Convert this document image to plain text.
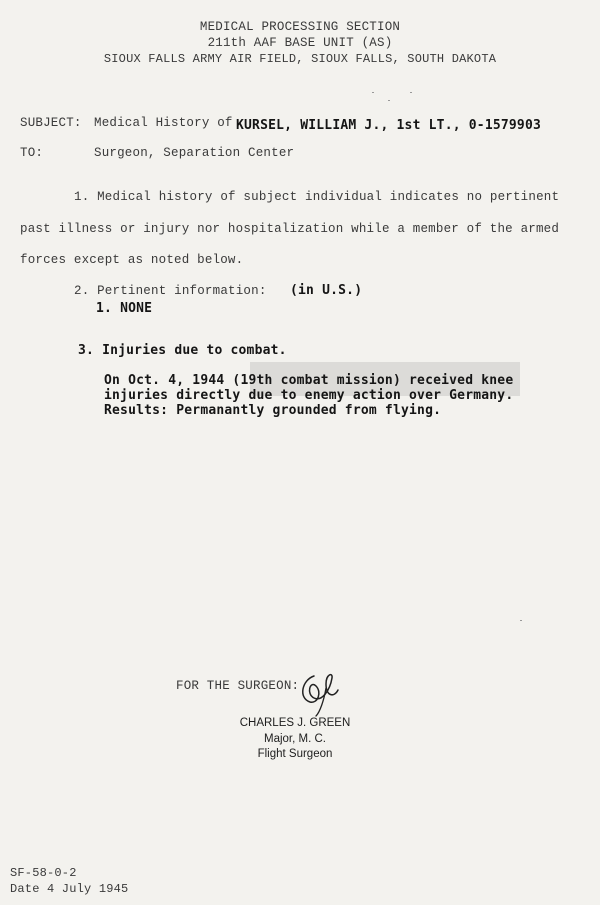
MEDICAL PROCESSING SECTION
211th AAF BASE UNIT (AS)
SIOUX FALLS ARMY AIR FIELD, SIOUX FALLS, SOUTH DAKOTA
SUBJECT: Medical History of KURSEL, WILLIAM J., 1st LT., 0-1579903
TO:	Surgeon, Separation Center
1. Medical history of subject individual indicates no pertinent
past illness or injury nor hospitalization while a member of the armed
forces except as noted below.
2. Pertinent information: (in U.S.)
1. NONE
3. Injuries due to combat.
On Oct. 4, 1944 (19th combat mission) received knee
injuries directly due to enemy action over Germany.
Results: Permanantly grounded from flying.
FOR THE SURGEON:
CHARLES J. GREEN
Major, M. C.
Flight Surgeon
SF-58-0-2
Date 4 July 1945
